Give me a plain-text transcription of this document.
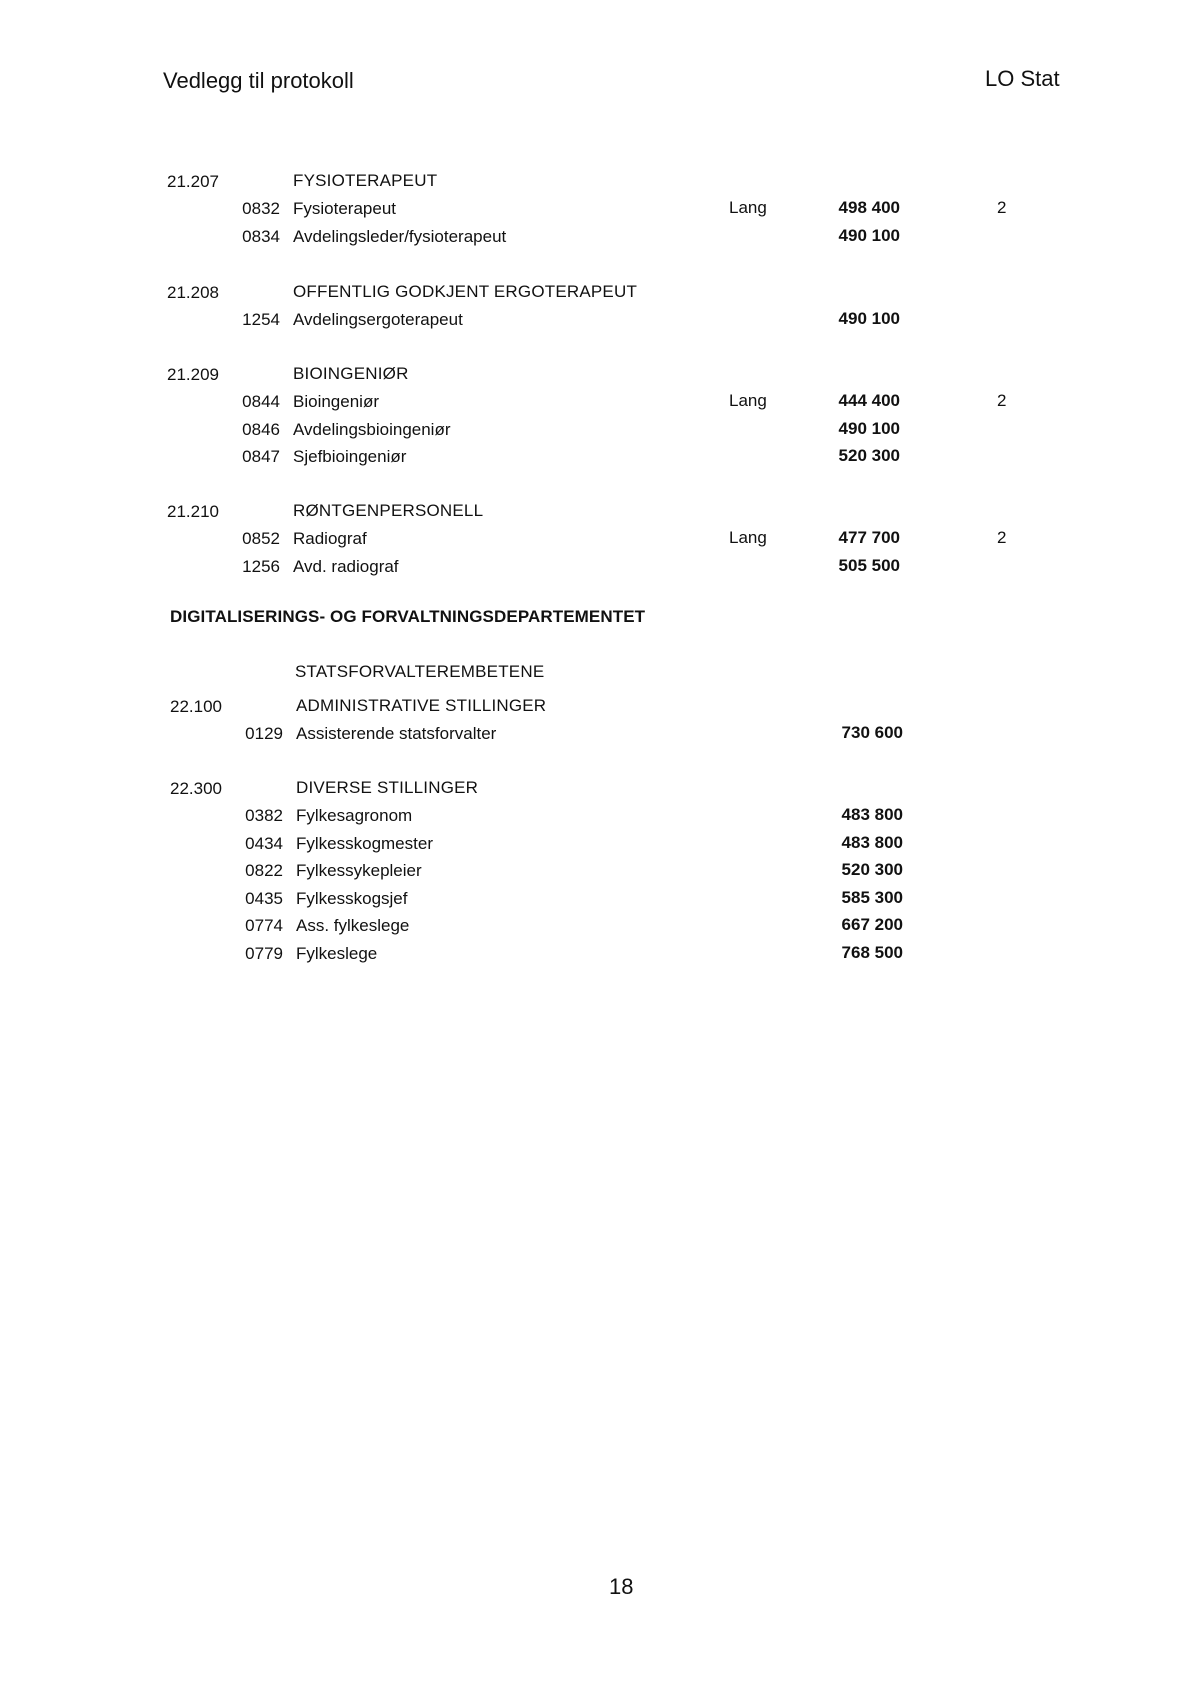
Vedlegg til protokoll	LO Stat
21.207	FYSIOTERAPEUT
0832 Fysioterapeut	Lang	498 400	2
0834 Avdelingsleder/fysioterapeut	490 100
21.208	OFFENTLIG GODKJENT ERGOTERAPEUT
1254 Avdelingsergoterapeut	490 100
21.209	BIOINGENIØR
0844 Bioingeniør	Lang	444 400	2
0846 Avdelingsbioingeniør	490 100
0847 Sjefbioingeniør	520 300
21.210	RØNTGENPERSONELL
0852 Radiograf	Lang	477 700	2
1256 Avd. radiograf	505 500
DIGITALISERINGS- OG FORVALTNINGSDEPARTEMENTET
STATSFORVALTEREMBETENE
22.100	ADMINISTRATIVE STILLINGER
0129 Assisterende statsforvalter	730 600
22.300	DIVERSE STILLINGER
0382 Fylkesagronom	483 800
0434 Fylkesskogmester	483 800
0822 Fylkessykepleier	520 300
0435 Fylkesskogsjef	585 300
0774 Ass. fylkeslege	667 200
0779 Fylkeslege	768 500
18
